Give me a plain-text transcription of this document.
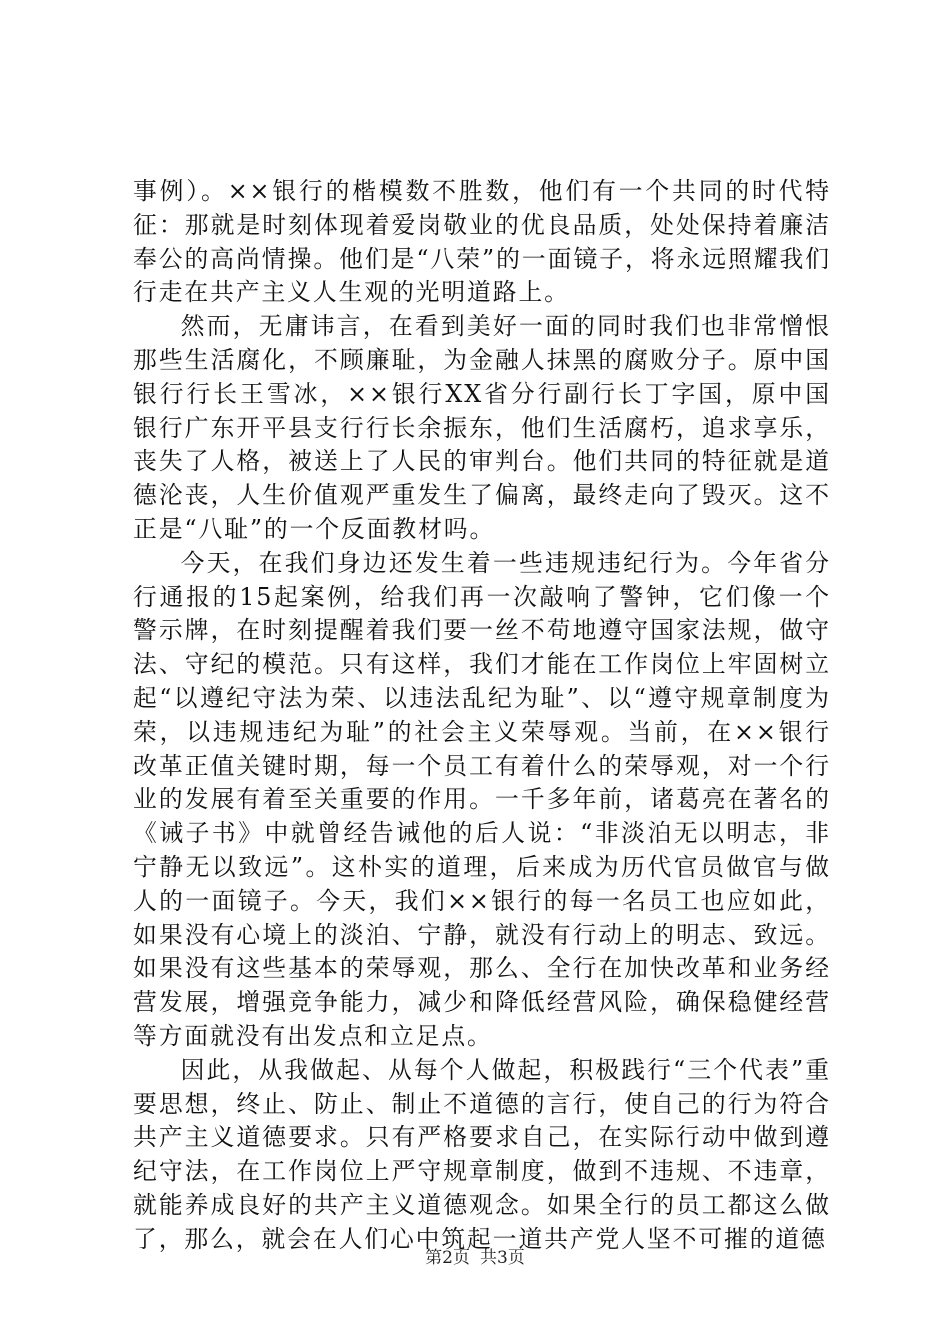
事例）。××银行的楷模数不胜数，他们有一个共同的时代特征：那就是时刻体现着爱岗敬业的优良品质，处处保持着廉洁奉公的高尚情操。他们是“八荣”的一面镜子，将永远照耀我们行走在共产主义人生观的光明道路上。

然而，无庸讳言，在看到美好一面的同时我们也非常憎恨那些生活腐化，不顾廉耻，为金融人抹黑的腐败分子。原中国银行行长王雪冰，××银行XX省分行副行长丁字国，原中国银行广东开平县支行行长余振东，他们生活腐朽，追求享乐，丧失了人格，被送上了人民的审判台。他们共同的特征就是道德沦丧，人生价值观严重发生了偏离，最终走向了毁灭。这不正是“八耻”的一个反面教材吗。

今天，在我们身边还发生着一些违规违纪行为。今年省分行通报的15起案例，给我们再一次敲响了警钟，它们像一个警示牌，在时刻提醒着我们要一丝不苟地遵守国家法规，做守法、守纪的模范。只有这样，我们才能在工作岗位上牢固树立起“以遵纪守法为荣、以违法乱纪为耻”、以“遵守规章制度为荣，以违规违纪为耻”的社会主义荣辱观。当前，在××银行改革正值关键时期，每一个员工有着什么的荣辱观，对一个行业的发展有着至关重要的作用。一千多年前，诸葛亮在著名的《诫子书》中就曾经告诫他的后人说：“非淡泊无以明志，非宁静无以致远”。这朴实的道理，后来成为历代官员做官与做人的一面镜子。今天，我们××银行的每一名员工也应如此，如果没有心境上的淡泊、宁静，就没有行动上的明志、致远。如果没有这些基本的荣辱观，那么、全行在加快改革和业务经营发展，增强竞争能力，减少和降低经营风险，确保稳健经营等方面就没有出发点和立足点。

因此，从我做起、从每个人做起，积极践行“三个代表”重要思想，终止、防止、制止不道德的言行，使自己的行为符合共产主义道德要求。只有严格要求自己，在实际行动中做到遵纪守法，在工作岗位上严守规章制度，做到不违规、不违章，就能养成良好的共产主义道德观念。如果全行的员工都这么做了，那么，就会在人们心中筑起一道共产党人坚不可摧的道德

第2页 共3页
